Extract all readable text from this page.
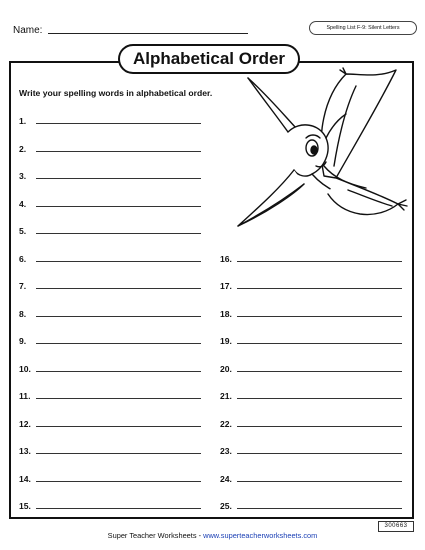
Name:	Spelling List F-9: Silent Letters
Alphabetical Order
Write your spelling words in alphabetical order.
1.
2.
3.
4.
5.
6.
7.
8.
9.
10.
11.
12.
13.
14.
15.
16.
17.
18.
19.
20.
21.
22.
23.
24.
25.
Super Teacher Worksheets - www.superteacherworksheets.com
300663
